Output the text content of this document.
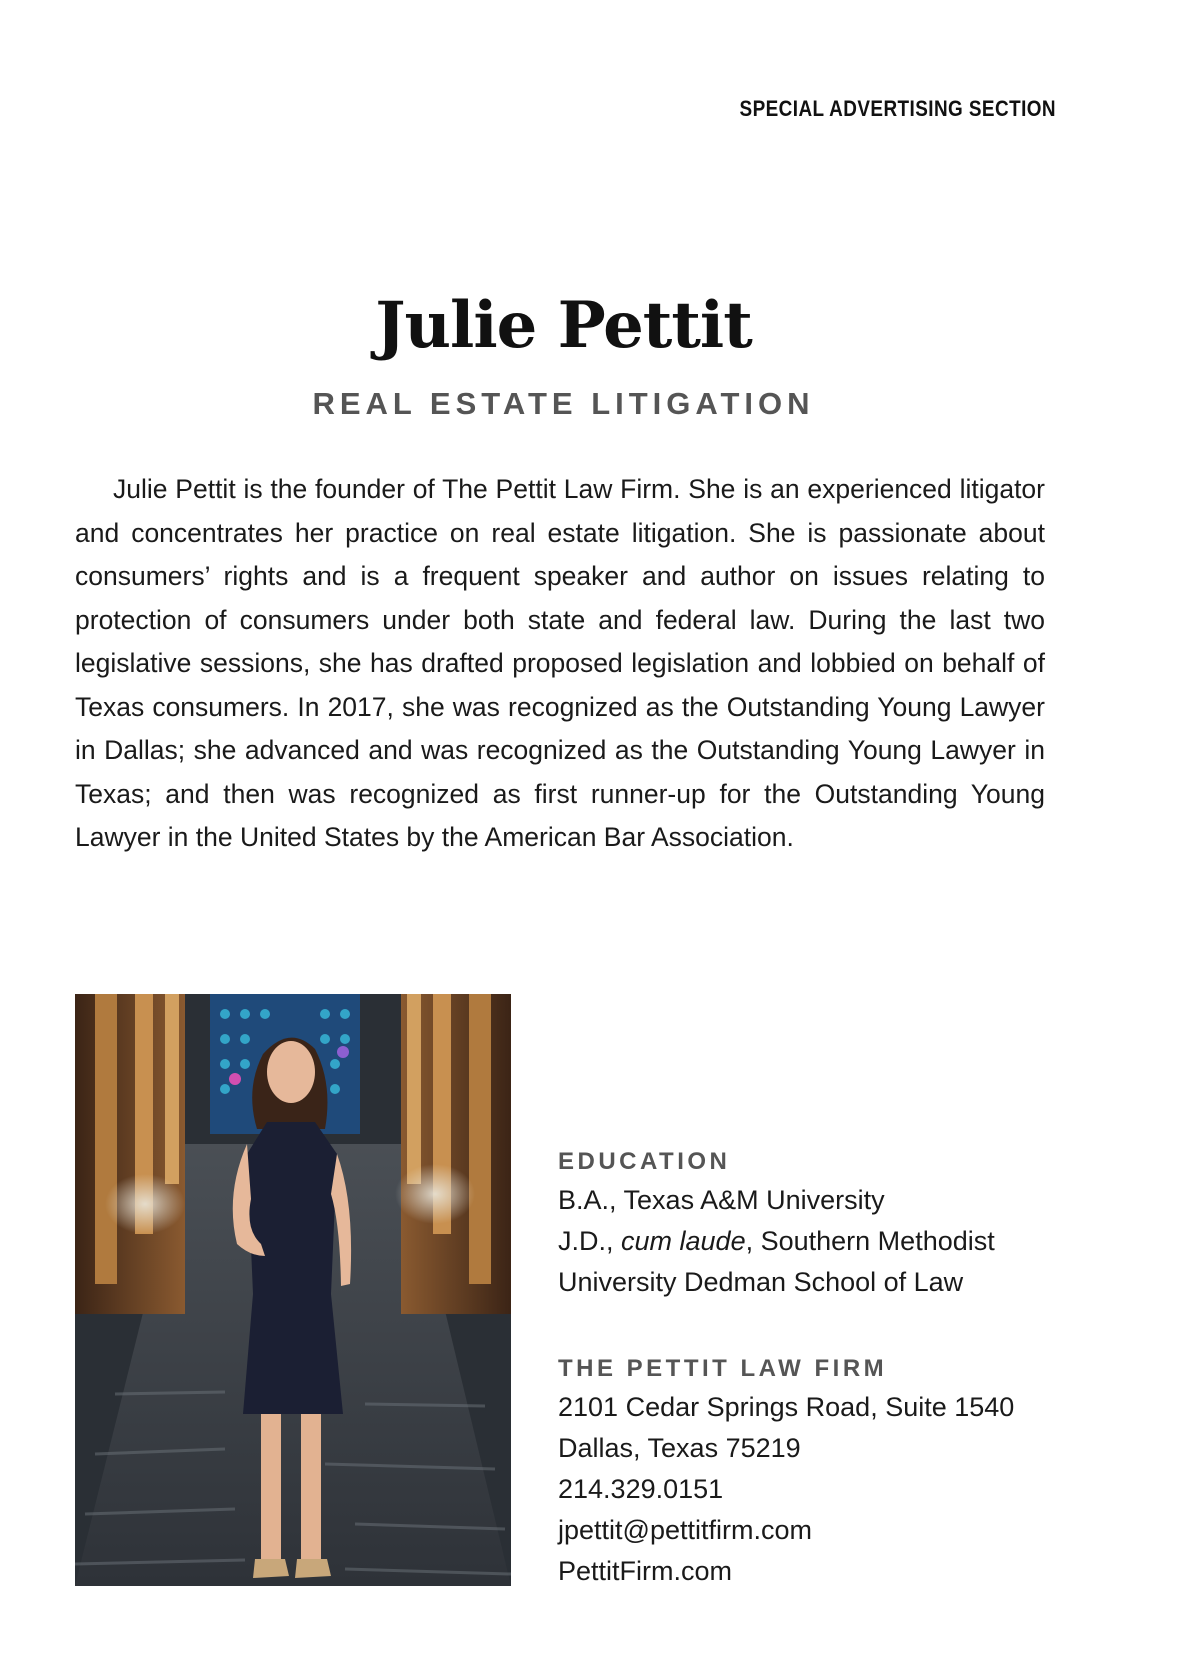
SPECIAL ADVERTISING SECTION
Julie Pettit
REAL ESTATE LITIGATION

Julie Pettit is the founder of The Pettit Law Firm. She is an experienced litigator and concentrates her practice on real estate litigation. She is passionate about consumers’ rights and is a frequent speaker and author on issues relating to protection of consumers under both state and federal law. During the last two legislative sessions, she has drafted proposed legislation and lobbied on behalf of Texas consumers. In 2017, she was recognized as the Outstanding Young Lawyer in Dallas; she advanced and was recognized as the Outstanding Young Lawyer in Texas; and then was recognized as first runner-up for the Outstanding Young Lawyer in the United States by the American Bar Association.

EDUCATION
B.A., Texas A&M University
J.D., cum laude, Southern Methodist
University Dedman School of Law
THE PETTIT LAW FIRM
2101 Cedar Springs Road, Suite 1540
Dallas, Texas 75219
214.329.0151
jpettit@pettitfirm.com
PettitFirm.com
